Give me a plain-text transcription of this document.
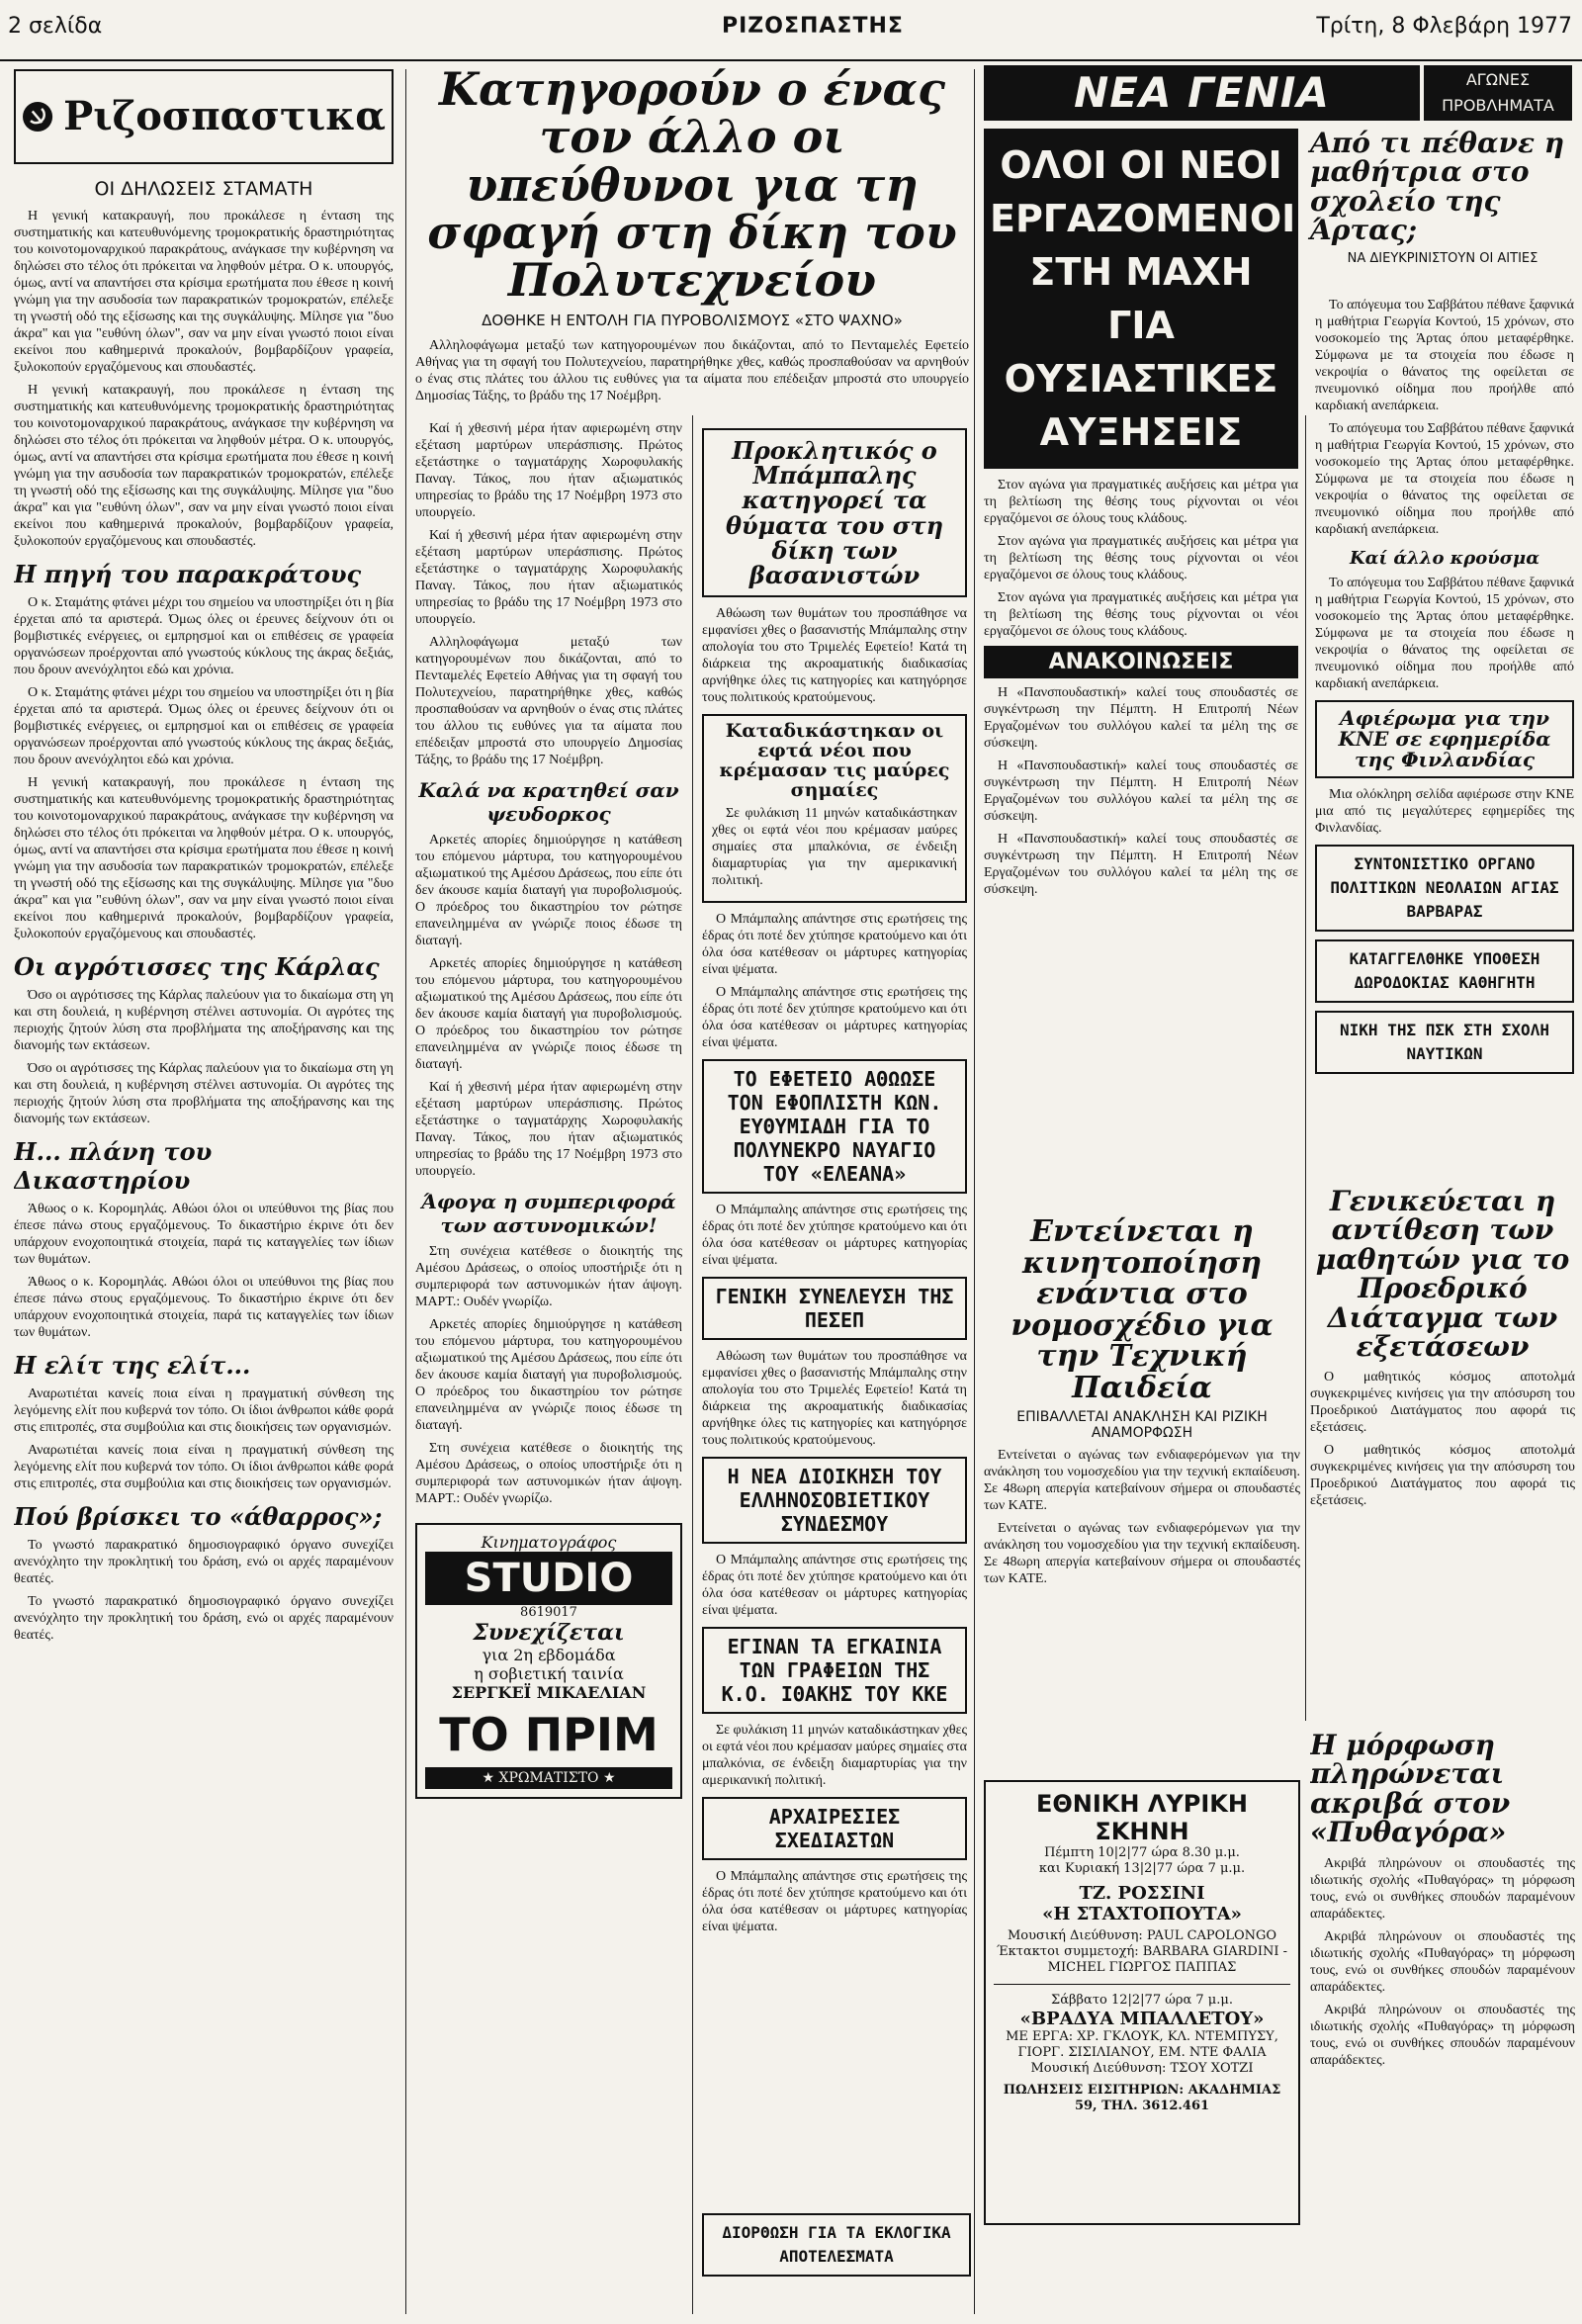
2 σελίδα	ΡΙΖΟΣΠΑΣΤΗΣ	Τρίτη, 8 Φλεβάρη 1977
Ριζοσπαστικα
ΟΙ ΔΗΛΩΣΕΙΣ ΣΤΑΜΑΤΗ

Η γενική κατακραυγή, που προκάλεσε η ένταση της συστηματικής και κατευθυνόμενης τρομοκρατικής δραστηριότητας του κοινοτομοναρχικού παρακράτους, ανάγκασε την κυβέρνηση να δηλώσει στο τέλος ότι πρόκειται να ληφθούν μέτρα. Ο κ. υπουργός, όμως, αντί να απαντήσει στα κρίσιμα ερωτήματα που έθεσε η κοινή γνώμη για την ασυδοσία των παρακρατικών τρομοκρατών, επέλεξε τη γνωστή οδό της εξίσωσης και της συγκάλυψης. Μίλησε για "δυο άκρα" και για "ευθύνη όλων", σαν να μην είναι γνωστό ποιοι είναι εκείνοι που καθημερινά προκαλούν, βομβαρδίζουν γραφεία, ξυλοκοπούν εργαζόμενους και σπουδαστές.

Η γενική κατακραυγή, που προκάλεσε η ένταση της συστηματικής και κατευθυνόμενης τρομοκρατικής δραστηριότητας του κοινοτομοναρχικού παρακράτους, ανάγκασε την κυβέρνηση να δηλώσει στο τέλος ότι πρόκειται να ληφθούν μέτρα. Ο κ. υπουργός, όμως, αντί να απαντήσει στα κρίσιμα ερωτήματα που έθεσε η κοινή γνώμη για την ασυδοσία των παρακρατικών τρομοκρατών, επέλεξε τη γνωστή οδό της εξίσωσης και της συγκάλυψης. Μίλησε για "δυο άκρα" και για "ευθύνη όλων", σαν να μην είναι γνωστό ποιοι είναι εκείνοι που καθημερινά προκαλούν, βομβαρδίζουν γραφεία, ξυλοκοπούν εργαζόμενους και σπουδαστές.

Η πηγή του παρακράτους

Ο κ. Σταμάτης φτάνει μέχρι του σημείου να υποστηρίξει ότι η βία έρχεται από τα αριστερά. Όμως όλες οι έρευνες δείχνουν ότι οι βομβιστικές ενέργειες, οι εμπρησμοί και οι επιθέσεις σε γραφεία οργανώσεων προέρχονται από γνωστούς κύκλους της άκρας δεξιάς, που δρουν ανενόχλητοι εδώ και χρόνια.

Ο κ. Σταμάτης φτάνει μέχρι του σημείου να υποστηρίξει ότι η βία έρχεται από τα αριστερά. Όμως όλες οι έρευνες δείχνουν ότι οι βομβιστικές ενέργειες, οι εμπρησμοί και οι επιθέσεις σε γραφεία οργανώσεων προέρχονται από γνωστούς κύκλους της άκρας δεξιάς, που δρουν ανενόχλητοι εδώ και χρόνια.

Η γενική κατακραυγή, που προκάλεσε η ένταση της συστηματικής και κατευθυνόμενης τρομοκρατικής δραστηριότητας του κοινοτομοναρχικού παρακράτους, ανάγκασε την κυβέρνηση να δηλώσει στο τέλος ότι πρόκειται να ληφθούν μέτρα. Ο κ. υπουργός, όμως, αντί να απαντήσει στα κρίσιμα ερωτήματα που έθεσε η κοινή γνώμη για την ασυδοσία των παρακρατικών τρομοκρατών, επέλεξε τη γνωστή οδό της εξίσωσης και της συγκάλυψης. Μίλησε για "δυο άκρα" και για "ευθύνη όλων", σαν να μην είναι γνωστό ποιοι είναι εκείνοι που καθημερινά προκαλούν, βομβαρδίζουν γραφεία, ξυλοκοπούν εργαζόμενους και σπουδαστές.

Οι αγρότισσες της Κάρλας

Όσο οι αγρότισσες της Κάρλας παλεύουν για το δικαίωμα στη γη και στη δουλειά, η κυβέρνηση στέλνει αστυνομία. Οι αγρότες της περιοχής ζητούν λύση στα προβλήματα της αποξήρανσης και της διανομής των εκτάσεων.

Όσο οι αγρότισσες της Κάρλας παλεύουν για το δικαίωμα στη γη και στη δουλειά, η κυβέρνηση στέλνει αστυνομία. Οι αγρότες της περιοχής ζητούν λύση στα προβλήματα της αποξήρανσης και της διανομής των εκτάσεων.

Η... πλάνη του Δικαστηρίου

Άθωος ο κ. Κορομηλάς. Αθώοι όλοι οι υπεύθυνοι της βίας που έπεσε πάνω στους εργαζόμενους. Το δικαστήριο έκρινε ότι δεν υπάρχουν ενοχοποιητικά στοιχεία, παρά τις καταγγελίες των ίδιων των θυμάτων.

Άθωος ο κ. Κορομηλάς. Αθώοι όλοι οι υπεύθυνοι της βίας που έπεσε πάνω στους εργαζόμενους. Το δικαστήριο έκρινε ότι δεν υπάρχουν ενοχοποιητικά στοιχεία, παρά τις καταγγελίες των ίδιων των θυμάτων.

Η ελίτ της ελίτ...

Αναρωτιέται κανείς ποια είναι η πραγματική σύνθεση της λεγόμενης ελίτ που κυβερνά τον τόπο. Οι ίδιοι άνθρωποι κάθε φορά στις επιτροπές, στα συμβούλια και στις διοικήσεις των οργανισμών.

Αναρωτιέται κανείς ποια είναι η πραγματική σύνθεση της λεγόμενης ελίτ που κυβερνά τον τόπο. Οι ίδιοι άνθρωποι κάθε φορά στις επιτροπές, στα συμβούλια και στις διοικήσεις των οργανισμών.

Πού βρίσκει το «άθαρρος»;

Το γνωστό παρακρατικό δημοσιογραφικό όργανο συνεχίζει ανενόχλητο την προκλητική του δράση, ενώ οι αρχές παραμένουν θεατές.

Το γνωστό παρακρατικό δημοσιογραφικό όργανο συνεχίζει ανενόχλητο την προκλητική του δράση, ενώ οι αρχές παραμένουν θεατές.

Κατηγορούν ο ένας τον άλλο οι υπεύθυνοι για τη σφαγή στη δίκη του Πολυτεχνείου
ΔΟΘΗΚΕ Η ΕΝΤΟΛΗ ΓΙΑ ΠΥΡΟΒΟΛΙΣΜΟΥΣ «ΣΤΟ ΨΑΧΝΟ»

Αλληλοφάγωμα μεταξύ των κατηγορουμένων που δικάζονται, από το Πενταμελές Εφετείο Αθήνας για τη σφαγή του Πολυτεχνείου, παρατηρήθηκε χθες, καθώς προσπαθούσαν να αρνηθούν ο ένας στις πλάτες του άλλου τις ευθύνες για τα αίματα που επέδειξαν μπροστά στο υπουργείο Δημοσίας Τάξης, το βράδυ της 17 Νοέμβρη.

Καί ή χθεσινή μέρα ήταν αφιερωμένη στην εξέταση μαρτύρων υπεράσπισης. Πρώτος εξετάστηκε ο ταγματάρχης Χωροφυλακής Παναγ. Τάκος, που ήταν αξιωματικός υπηρεσίας το βράδυ της 17 Νοέμβρη 1973 στο υπουργείο.

Καί ή χθεσινή μέρα ήταν αφιερωμένη στην εξέταση μαρτύρων υπεράσπισης. Πρώτος εξετάστηκε ο ταγματάρχης Χωροφυλακής Παναγ. Τάκος, που ήταν αξιωματικός υπηρεσίας το βράδυ της 17 Νοέμβρη 1973 στο υπουργείο.

Αλληλοφάγωμα μεταξύ των κατηγορουμένων που δικάζονται, από το Πενταμελές Εφετείο Αθήνας για τη σφαγή του Πολυτεχνείου, παρατηρήθηκε χθες, καθώς προσπαθούσαν να αρνηθούν ο ένας στις πλάτες του άλλου τις ευθύνες για τα αίματα που επέδειξαν μπροστά στο υπουργείο Δημοσίας Τάξης, το βράδυ της 17 Νοέμβρη.

Καλά να κρατηθεί σαν ψευδορκος

Αρκετές απορίες δημιούργησε η κατάθεση του επόμενου μάρτυρα, του κατηγορουμένου αξιωματικού της Αμέσου Δράσεως, που είπε ότι δεν άκουσε καμία διαταγή για πυροβολισμούς. Ο πρόεδρος του δικαστηρίου τον ρώτησε επανειλημμένα αν γνώριζε ποιος έδωσε τη διαταγή.

Αρκετές απορίες δημιούργησε η κατάθεση του επόμενου μάρτυρα, του κατηγορουμένου αξιωματικού της Αμέσου Δράσεως, που είπε ότι δεν άκουσε καμία διαταγή για πυροβολισμούς. Ο πρόεδρος του δικαστηρίου τον ρώτησε επανειλημμένα αν γνώριζε ποιος έδωσε τη διαταγή.

Καί ή χθεσινή μέρα ήταν αφιερωμένη στην εξέταση μαρτύρων υπεράσπισης. Πρώτος εξετάστηκε ο ταγματάρχης Χωροφυλακής Παναγ. Τάκος, που ήταν αξιωματικός υπηρεσίας το βράδυ της 17 Νοέμβρη 1973 στο υπουργείο.

Άφογα η συμπεριφορά των αστυνομικών!

Στη συνέχεια κατέθεσε ο διοικητής της Αμέσου Δράσεως, ο οποίος υποστήριξε ότι η συμπεριφορά των αστυνομικών ήταν άψογη. ΜΑΡΤ.: Ουδέν γνωρίζω.

Αρκετές απορίες δημιούργησε η κατάθεση του επόμενου μάρτυρα, του κατηγορουμένου αξιωματικού της Αμέσου Δράσεως, που είπε ότι δεν άκουσε καμία διαταγή για πυροβολισμούς. Ο πρόεδρος του δικαστηρίου τον ρώτησε επανειλημμένα αν γνώριζε ποιος έδωσε τη διαταγή.

Στη συνέχεια κατέθεσε ο διοικητής της Αμέσου Δράσεως, ο οποίος υποστήριξε ότι η συμπεριφορά των αστυνομικών ήταν άψογη. ΜΑΡΤ.: Ουδέν γνωρίζω.

Κινηματογράφος
STUDIO
8619017
Συνεχίζεται
για 2η εβδομάδα
η σοβιετική ταινία
ΣΕΡΓΚΕΪ ΜΙΚΑΕΛΙΑΝ
ΤΟ ΠΡΙΜ
★ ΧΡΩΜΑΤΙΣΤΟ ★
Προκλητικός ο Μπάμπαλης κατηγορεί τα θύματα του στη δίκη των βασανιστών

Αθώωση των θυμάτων του προσπάθησε να εμφανίσει χθες ο βασανιστής Μπάμπαλης στην απολογία του στο Τριμελές Εφετείο! Κατά τη διάρκεια της ακροαματικής διαδικασίας αρνήθηκε όλες τις κατηγορίες και κατηγόρησε τους πολιτικούς κρατούμενους.

Καταδικάστηκαν οι εφτά νέοι που κρέμασαν τις μαύρες σημαίες

Σε φυλάκιση 11 μηνών καταδικάστηκαν χθες οι εφτά νέοι που κρέμασαν μαύρες σημαίες στα μπαλκόνια, σε ένδειξη διαμαρτυρίας για την αμερικανική πολιτική.

Ο Μπάμπαλης απάντησε στις ερωτήσεις της έδρας ότι ποτέ δεν χτύπησε κρατούμενο και ότι όλα όσα κατέθεσαν οι μάρτυρες κατηγορίας είναι ψέματα.

Ο Μπάμπαλης απάντησε στις ερωτήσεις της έδρας ότι ποτέ δεν χτύπησε κρατούμενο και ότι όλα όσα κατέθεσαν οι μάρτυρες κατηγορίας είναι ψέματα.

ΤΟ ΕΦΕΤΕΙΟ ΑΘΩΩΣΕ ΤΟΝ ΕΦΟΠΛΙΣΤΗ ΚΩΝ. ΕΥΘΥΜΙΑΔΗ ΓΙΑ ΤΟ ΠΟΛΥΝΕΚΡΟ ΝΑΥΑΓΙΟ ΤΟΥ «ΕΛΕΑΝΑ»

Ο Μπάμπαλης απάντησε στις ερωτήσεις της έδρας ότι ποτέ δεν χτύπησε κρατούμενο και ότι όλα όσα κατέθεσαν οι μάρτυρες κατηγορίας είναι ψέματα.

ΓΕΝΙΚΗ ΣΥΝΕΛΕΥΣΗ ΤΗΣ ΠΕΣΕΠ

Αθώωση των θυμάτων του προσπάθησε να εμφανίσει χθες ο βασανιστής Μπάμπαλης στην απολογία του στο Τριμελές Εφετείο! Κατά τη διάρκεια της ακροαματικής διαδικασίας αρνήθηκε όλες τις κατηγορίες και κατηγόρησε τους πολιτικούς κρατούμενους.

Η ΝΕΑ ΔΙΟΙΚΗΣΗ ΤΟΥ ΕΛΛΗΝΟΣΟΒΙΕΤΙΚΟΥ ΣΥΝΔΕΣΜΟΥ

Ο Μπάμπαλης απάντησε στις ερωτήσεις της έδρας ότι ποτέ δεν χτύπησε κρατούμενο και ότι όλα όσα κατέθεσαν οι μάρτυρες κατηγορίας είναι ψέματα.

ΕΓΙΝΑΝ ΤΑ ΕΓΚΑΙΝΙΑ ΤΩΝ ΓΡΑΦΕΙΩΝ ΤΗΣ Κ.Ο. ΙΘΑΚΗΣ ΤΟΥ ΚΚΕ

Σε φυλάκιση 11 μηνών καταδικάστηκαν χθες οι εφτά νέοι που κρέμασαν μαύρες σημαίες στα μπαλκόνια, σε ένδειξη διαμαρτυρίας για την αμερικανική πολιτική.

ΑΡΧΑΙΡΕΣΙΕΣ ΣΧΕΔΙΑΣΤΩΝ

Ο Μπάμπαλης απάντησε στις ερωτήσεις της έδρας ότι ποτέ δεν χτύπησε κρατούμενο και ότι όλα όσα κατέθεσαν οι μάρτυρες κατηγορίας είναι ψέματα.

ΝΕΑ ΓΕΝΙΑ	ΑΓΩΝΕΣ
ΠΡΟΒΛΗΜΑΤΑ
ΟΛΟΙ ΟΙ ΝΕΟΙ ΕΡΓΑΖΟΜΕΝΟΙ ΣΤΗ ΜΑΧΗ ΓΙΑ ΟΥΣΙΑΣΤΙΚΕΣ ΑΥΞΗΣΕΙΣ

Στον αγώνα για πραγματικές αυξήσεις και μέτρα για τη βελτίωση της θέσης τους ρίχνονται οι νέοι εργαζόμενοι σε όλους τους κλάδους.

Στον αγώνα για πραγματικές αυξήσεις και μέτρα για τη βελτίωση της θέσης τους ρίχνονται οι νέοι εργαζόμενοι σε όλους τους κλάδους.

Στον αγώνα για πραγματικές αυξήσεις και μέτρα για τη βελτίωση της θέσης τους ρίχνονται οι νέοι εργαζόμενοι σε όλους τους κλάδους.

ΑΝΑΚΟΙΝΩΣΕΙΣ

Η «Πανσπουδαστική» καλεί τους σπουδαστές σε συγκέντρωση την Πέμπτη. Η Επιτροπή Νέων Εργαζομένων του συλλόγου καλεί τα μέλη της σε σύσκεψη.

Η «Πανσπουδαστική» καλεί τους σπουδαστές σε συγκέντρωση την Πέμπτη. Η Επιτροπή Νέων Εργαζομένων του συλλόγου καλεί τα μέλη της σε σύσκεψη.

Η «Πανσπουδαστική» καλεί τους σπουδαστές σε συγκέντρωση την Πέμπτη. Η Επιτροπή Νέων Εργαζομένων του συλλόγου καλεί τα μέλη της σε σύσκεψη.

Εντείνεται η κινητοποίηση ενάντια στο νομοσχέδιο για την Τεχνική Παιδεία
ΕΠΙΒΑΛΛΕΤΑΙ ΑΝΑΚΛΗΣΗ ΚΑΙ ΡΙΖΙΚΗ ΑΝΑΜΟΡΦΩΣΗ

Εντείνεται ο αγώνας των ενδιαφερόμενων για την ανάκληση του νομοσχεδίου για την τεχνική εκπαίδευση. Σε 48ωρη απεργία κατεβαίνουν σήμερα οι σπουδαστές των ΚΑΤΕ.

Εντείνεται ο αγώνας των ενδιαφερόμενων για την ανάκληση του νομοσχεδίου για την τεχνική εκπαίδευση. Σε 48ωρη απεργία κατεβαίνουν σήμερα οι σπουδαστές των ΚΑΤΕ.

ΕΘΝΙΚΗ ΛΥΡΙΚΗ ΣΚΗΝΗ
Πέμπτη 10|2|77 ώρα 8.30 μ.μ.
και Κυριακή 13|2|77 ώρα 7 μ.μ.
ΤΖ. ΡΟΣΣΙΝΙ
«Η ΣΤΑΧΤΟΠΟΥΤΑ»
Μουσική Διεύθυνση: PAUL CAPOLONGO
Έκτακτοι συμμετοχή: BARBARA GIARDINI - MICHEL ΓΙΩΡΓΟΣ ΠΑΠΠΑΣ
Σάββατο 12|2|77 ώρα 7 μ.μ.
«ΒΡΑΔΥΑ ΜΠΑΛΛΕΤΟΥ»
ΜΕ ΕΡΓΑ: ΧΡ. ΓΚΛΟΥΚ, ΚΛ. ΝΤΕΜΠΥΣΥ, ΓΙΟΡΓ. ΣΙΣΙΛΙΑΝΟΥ, ΕΜ. ΝΤΕ ΦΑΛΙΑ
Μουσική Διεύθυνση: ΤΣΟΥ ΧΟΤΖΙ
ΠΩΛΗΣΕΙΣ ΕΙΣΙΤΗΡΙΩΝ: ΑΚΑΔΗΜΙΑΣ 59, ΤΗΛ. 3612.461
ΔΙΟΡΘΩΣΗ ΓΙΑ ΤΑ ΕΚΛΟΓΙΚΑ ΑΠΟΤΕΛΕΣΜΑΤΑ
Από τι πέθανε η μαθήτρια στο σχολείο της Άρτας;
ΝΑ ΔΙΕΥΚΡΙΝΙΣΤΟΥΝ ΟΙ ΑΙΤΙΕΣ

Το απόγευμα του Σαββάτου πέθανε ξαφνικά η μαθήτρια Γεωργία Κοντού, 15 χρόνων, στο νοσοκομείο της Άρτας όπου μεταφέρθηκε. Σύμφωνα με τα στοιχεία που έδωσε η νεκροψία ο θάνατος της οφείλεται σε πνευμονικό οίδημα που προήλθε από καρδιακή ανεπάρκεια.

Το απόγευμα του Σαββάτου πέθανε ξαφνικά η μαθήτρια Γεωργία Κοντού, 15 χρόνων, στο νοσοκομείο της Άρτας όπου μεταφέρθηκε. Σύμφωνα με τα στοιχεία που έδωσε η νεκροψία ο θάνατος της οφείλεται σε πνευμονικό οίδημα που προήλθε από καρδιακή ανεπάρκεια.

Καί άλλο κρούσμα

Το απόγευμα του Σαββάτου πέθανε ξαφνικά η μαθήτρια Γεωργία Κοντού, 15 χρόνων, στο νοσοκομείο της Άρτας όπου μεταφέρθηκε. Σύμφωνα με τα στοιχεία που έδωσε η νεκροψία ο θάνατος της οφείλεται σε πνευμονικό οίδημα που προήλθε από καρδιακή ανεπάρκεια.

Αφιέρωμα για την ΚΝΕ σε εφημερίδα της Φινλανδίας

Μια ολόκληρη σελίδα αφιέρωσε στην ΚΝΕ μια από τις μεγαλύτερες εφημερίδες της Φινλανδίας.

ΣΥΝΤΟΝΙΣΤΙΚΟ ΟΡΓΑΝΟ ΠΟΛΙΤΙΚΩΝ ΝΕΟΛΑΙΩΝ ΑΓΙΑΣ ΒΑΡΒΑΡΑΣ
ΚΑΤΑΓΓΕΛΘΗΚΕ ΥΠΟΘΕΣΗ ΔΩΡΟΔΟΚΙΑΣ ΚΑΘΗΓΗΤΗ
ΝΙΚΗ ΤΗΣ ΠΣΚ ΣΤΗ ΣΧΟΛΗ ΝΑΥΤΙΚΩΝ
Γενικεύεται η αντίθεση των μαθητών για το Προεδρικό Διάταγμα των εξετάσεων

Ο μαθητικός κόσμος αποτολμά συγκεκριμένες κινήσεις για την απόσυρση του Προεδρικού Διατάγματος που αφορά τις εξετάσεις.

Ο μαθητικός κόσμος αποτολμά συγκεκριμένες κινήσεις για την απόσυρση του Προεδρικού Διατάγματος που αφορά τις εξετάσεις.

Η μόρφωση πληρώνεται ακριβά στον «Πυθαγόρα»

Ακριβά πληρώνουν οι σπουδαστές της ιδιωτικής σχολής «Πυθαγόρας» τη μόρφωση τους, ενώ οι συνθήκες σπουδών παραμένουν απαράδεκτες.

Ακριβά πληρώνουν οι σπουδαστές της ιδιωτικής σχολής «Πυθαγόρας» τη μόρφωση τους, ενώ οι συνθήκες σπουδών παραμένουν απαράδεκτες.

Ακριβά πληρώνουν οι σπουδαστές της ιδιωτικής σχολής «Πυθαγόρας» τη μόρφωση τους, ενώ οι συνθήκες σπουδών παραμένουν απαράδεκτες.
